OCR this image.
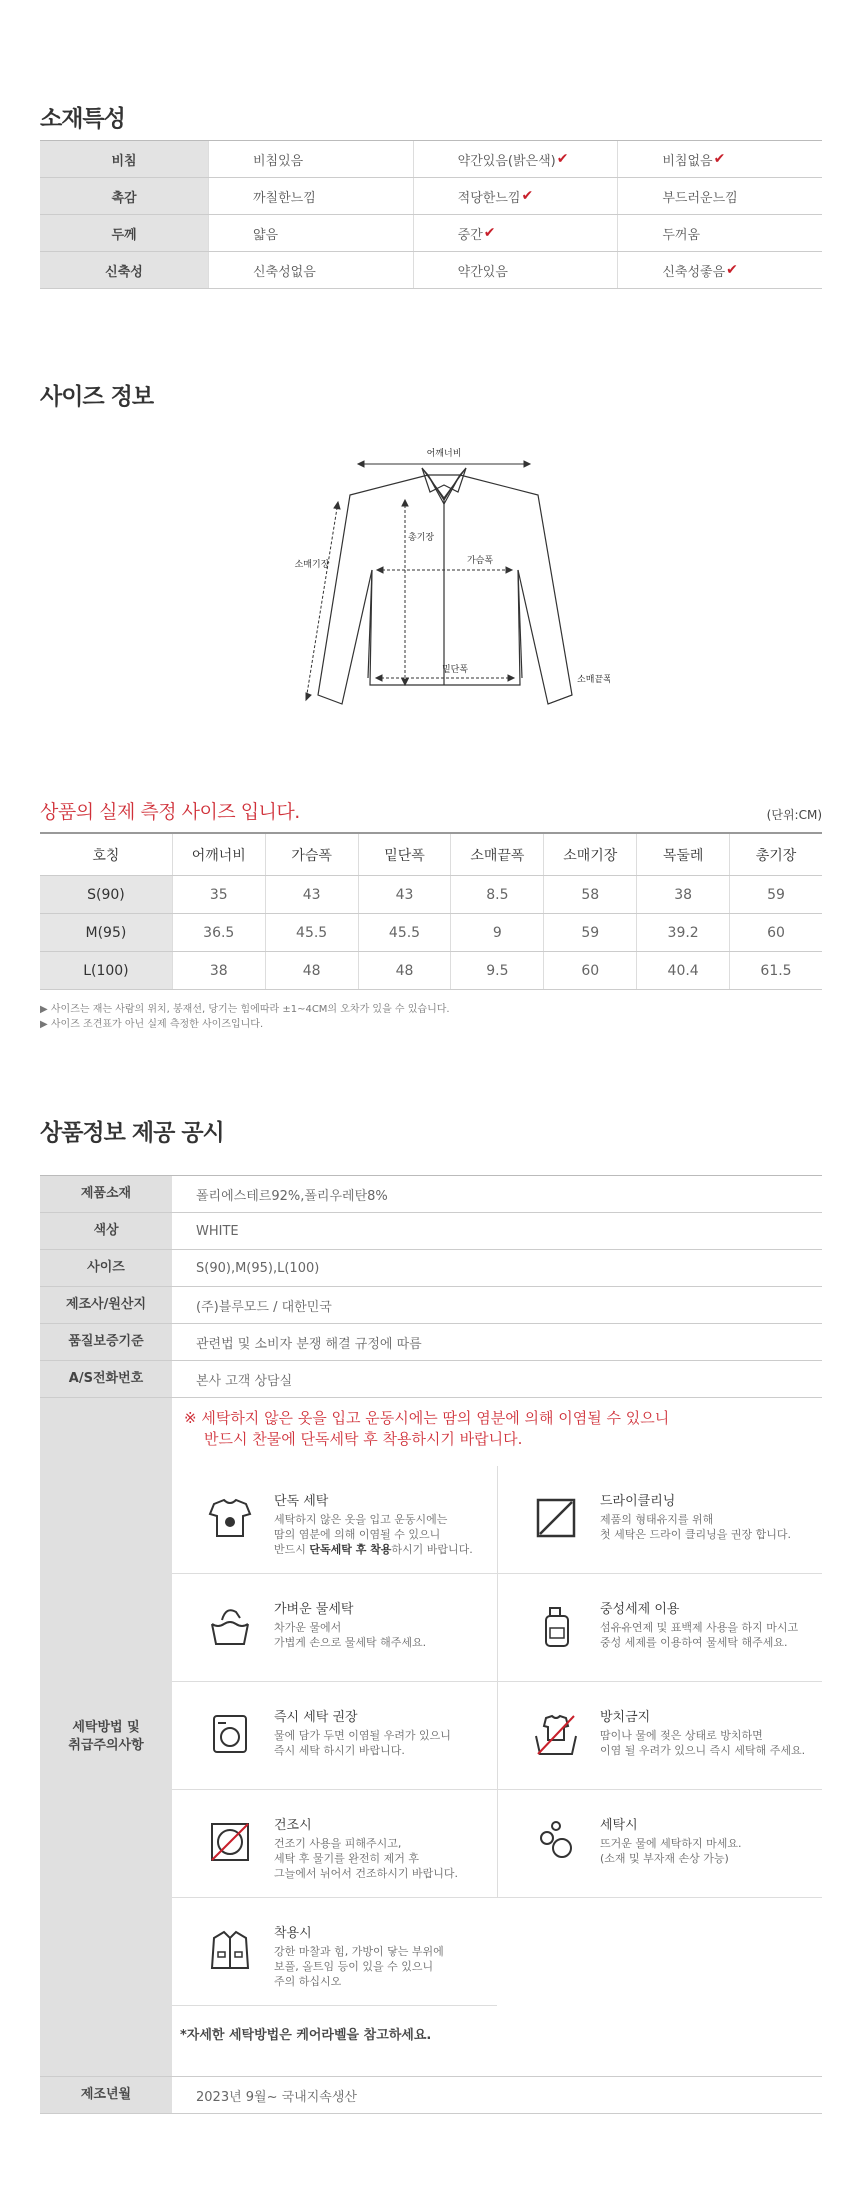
소재특성
비침	비침있음	약간있음(밝은색) ✔	비침없음 ✔
촉감	까칠한느낌	적당한느낌 ✔	부드러운느낌
두께	얇음	중간 ✔	두꺼움
신축성	신축성없음	약간있음	신축성좋음 ✔
사이즈 정보
어깨너비
총기장
가슴폭
소매기장
밑단폭
소매끝폭
상품의 실제 측정 사이즈 입니다.	(단위:CM)
호칭	어깨너비	가슴폭	밑단폭	소매끝폭	소매기장	목둘레	총기장
S(90)	35	43	43	8.5	58	38	59
M(95)	36.5	45.5	45.5	9	59	39.2	60
L(100)	38	48	48	9.5	60	40.4	61.5
▶ 사이즈는 재는 사람의 위치, 봉재선, 당기는 힘에따라 ±1~4CM의 오차가 있을 수 있습니다.
▶ 사이즈 조견표가 아닌 실제 측정한 사이즈입니다.
상품정보 제공 공시
제품소재	폴리에스테르92%,폴리우레탄8%
색상	WHITE
사이즈	S(90),M(95),L(100)
제조사/원산지	(주)블루모드 / 대한민국
품질보증기준	관련법 및 소비자 분쟁 해결 규정에 따름
A/S전화번호	본사 고객 상담실
세탁방법 및
취급주의사항
※ 세탁하지 않은 옷을 입고 운동시에는 땀의 염분에 의해 이염될 수 있으니
반드시 찬물에 단독세탁 후 착용하시기 바랍니다.
단독 세탁
세탁하지 않은 옷을 입고 운동시에는
땀의 염분에 의해 이염될 수 있으니
반드시 단독세탁 후 착용하시기 바랍니다.
드라이클리닝
제품의 형태유지를 위해
첫 세탁은 드라이 클리닝을 권장 합니다.
가벼운 물세탁
차가운 물에서
가볍게 손으로 물세탁 해주세요.
중성세제 이용
섬유유연제 및 표백제 사용을 하지 마시고
중성 세제를 이용하여 물세탁 해주세요.
즉시 세탁 권장
물에 담가 두면 이염될 우려가 있으니
즉시 세탁 하시기 바랍니다.
방치금지
땀이나 물에 젖은 상태로 방치하면
이염 될 우려가 있으니 즉시 세탁해 주세요.
건조시
건조기 사용을 피해주시고,
세탁 후 물기를 완전히 제거 후
그늘에서 뉘어서 건조하시기 바랍니다.
세탁시
뜨거운 물에 세탁하지 마세요.
(소재 및 부자재 손상 가능)
착용시
강한 마찰과 힘, 가방이 닿는 부위에
보풀, 올트임 등이 있을 수 있으니
주의 하십시오
*자세한 세탁방법은 케어라벨을 참고하세요.
제조년월	2023년 9월~ 국내지속생산
